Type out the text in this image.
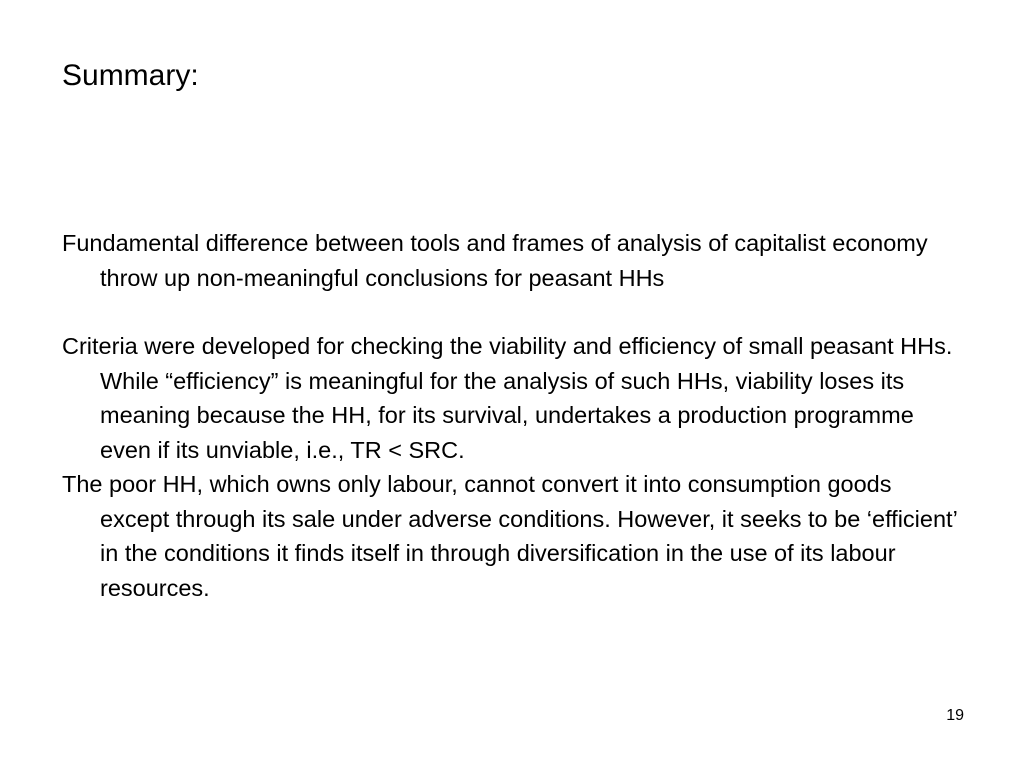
Summary:

Fundamental difference between tools and frames of analysis of capitalist economy throw up non-meaningful conclusions for peasant HHs

Criteria were developed for checking the viability and efficiency of small peasant HHs. While “efficiency” is meaningful for the analysis of such HHs, viability loses its meaning because the HH, for its survival, undertakes a production programme even if its unviable, i.e., TR < SRC.

The poor HH, which owns only labour, cannot convert it into consumption goods except through its sale under adverse conditions. However, it seeks to be ‘efficient’ in the conditions it finds itself in through diversification in the use of its labour resources.

19
